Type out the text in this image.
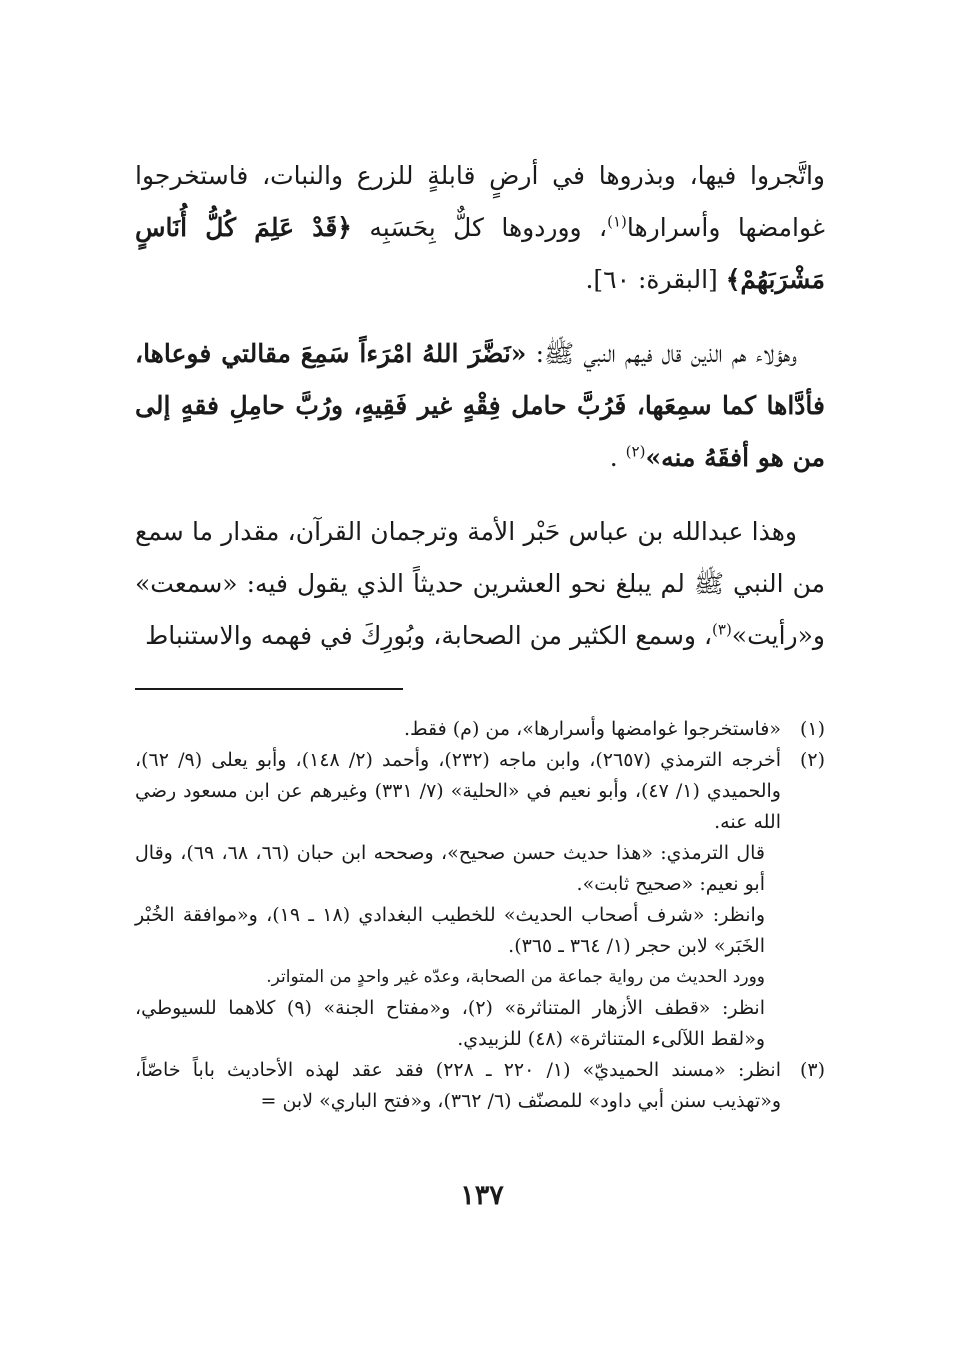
واتَّجروا فيها، وبذروها في أرضٍ قابلةٍ للزرع والنبات، فاستخرجوا غوامضها وأسرارها$^{(١)}$، ووردوها كلٌّ بِحَسَبِه ﴿قَدْ عَلِمَ كُلُّ أُنَاسٍ مَشْرَبَهُمْ﴾ [البقرة: ٦٠].

وهؤلاء هم الذين قال فيهم النبي ﷺ: «نَضَّرَ اللهُ امْرَءاً سَمِعَ مقالتي فوعاها، فأدَّاها كما سمِعَها، فَرُبَّ حامل فِقْهٍ غير فَقِيهٍ، ورُبَّ حامِلِ فقهٍ إلى من هو أفقَهُ منه»$^{(٢)}$ .

وهذا عبدالله بن عباس حَبْر الأمة وترجمان القرآن، مقدار ما سمع من النبي ﷺ لم يبلغ نحو العشرين حديثاً الذي يقول فيه: «سمعت» و«رأيت»$^{(٣)}$، وسمع الكثير من الصحابة، وبُورِكَ في فهمه والاستنباط

(١)
«فاستخرجوا غوامضها وأسرارها»، من (م) فقط.
(٢)
أخرجه الترمذي (٢٦٥٧)، وابن ماجه (٢٣٢)، وأحمد (٢/ ١٤٨)، وأبو يعلى (٩/ ٦٢)، والحميدي (١/ ٤٧)، وأبو نعيم في «الحلية» (٧/ ٣٣١) وغيرهم عن ابن مسعود رضي الله عنه.
قال الترمذي: «هذا حديث حسن صحيح»، وصححه ابن حبان (٦٦، ٦٨، ٦٩)، وقال أبو نعيم: «صحيح ثابت».
وانظر: «شرف أصحاب الحديث» للخطيب البغدادي (١٨ ـ ١٩)، و«موافقة الخُبْر الخَبَر» لابن حجر (١/ ٣٦٤ ـ ٣٦٥).
وورد الحديث من رواية جماعة من الصحابة، وعدّه غير واحدٍ من المتواتر.
انظر: «قطف الأزهار المتناثرة» (٢)، و«مفتاح الجنة» (٩) كلاهما للسيوطي، و«لقط اللآلىء المتناثرة» (٤٨) للزبيدي.
(٣)
انظر: «مسند الحميديّ» (١/ ٢٢٠ ـ ٢٢٨) فقد عقد لهذه الأحاديث باباً خاصّاً، و«تهذيب سنن أبي داود» للمصنّف (٦/ ٣٦٢)، و«فتح الباري» لابن =
١٣٧
